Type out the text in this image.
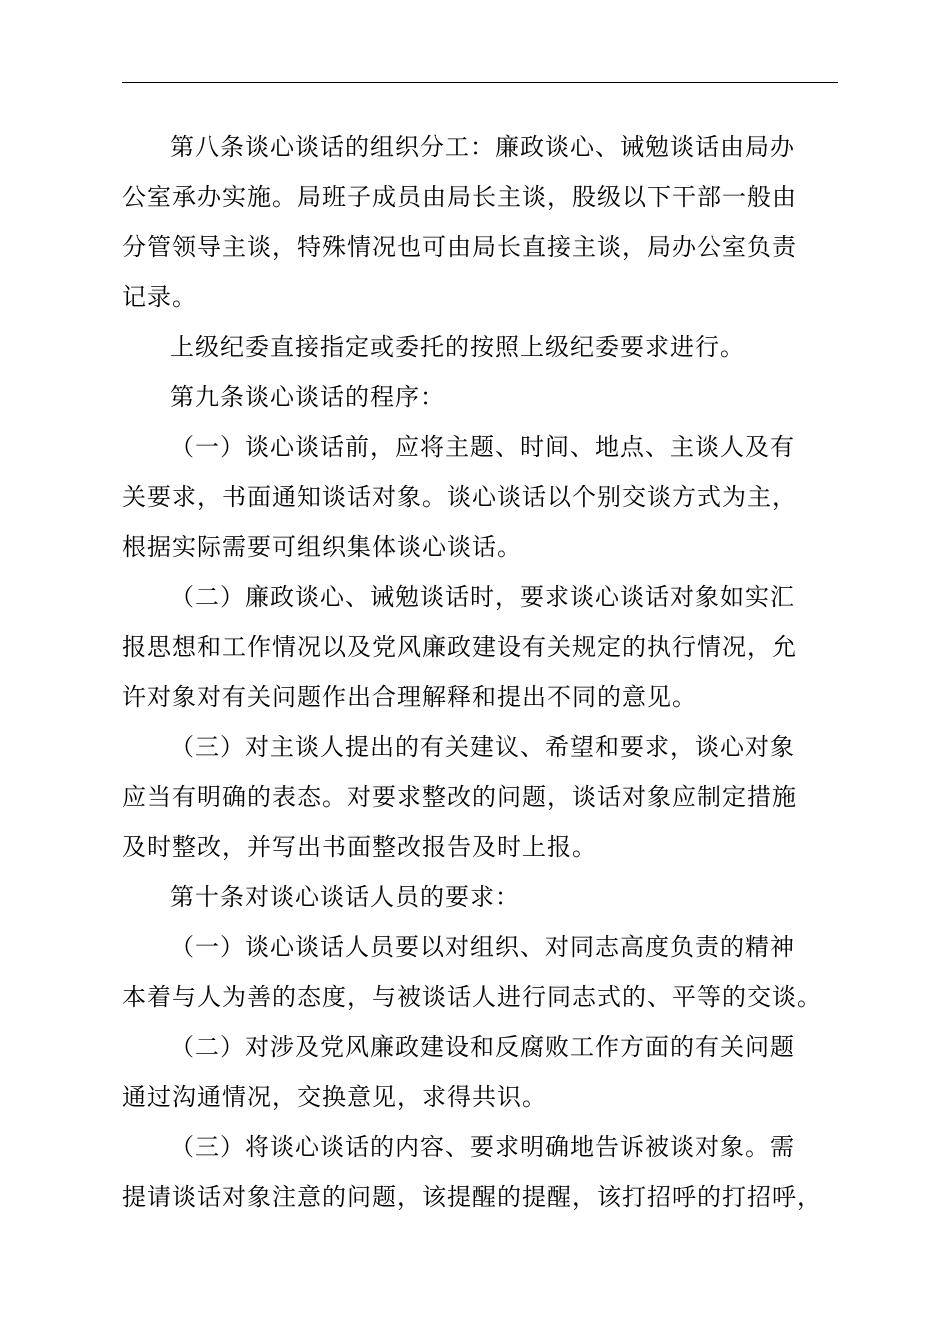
第八条谈心谈话的组织分工：廉政谈心、诫勉谈话由局办
公室承办实施。局班子成员由局长主谈，股级以下干部一般由
分管领导主谈，特殊情况也可由局长直接主谈，局办公室负责
记录。

上级纪委直接指定或委托的按照上级纪委要求进行。

第九条谈心谈话的程序：

（一）谈心谈话前，应将主题、时间、地点、主谈人及有
关要求，书面通知谈话对象。谈心谈话以个别交谈方式为主，
根据实际需要可组织集体谈心谈话。

（二）廉政谈心、诫勉谈话时，要求谈心谈话对象如实汇
报思想和工作情况以及党风廉政建设有关规定的执行情况，允
许对象对有关问题作出合理解释和提出不同的意见。

（三）对主谈人提出的有关建议、希望和要求，谈心对象
应当有明确的表态。对要求整改的问题，谈话对象应制定措施
及时整改，并写出书面整改报告及时上报。

第十条对谈心谈话人员的要求：

（一）谈心谈话人员要以对组织、对同志高度负责的精神
本着与人为善的态度，与被谈话人进行同志式的、平等的交谈。

（二）对涉及党风廉政建设和反腐败工作方面的有关问题
通过沟通情况，交换意见，求得共识。

（三）将谈心谈话的内容、要求明确地告诉被谈对象。需
提请谈话对象注意的问题，该提醒的提醒，该打招呼的打招呼，
